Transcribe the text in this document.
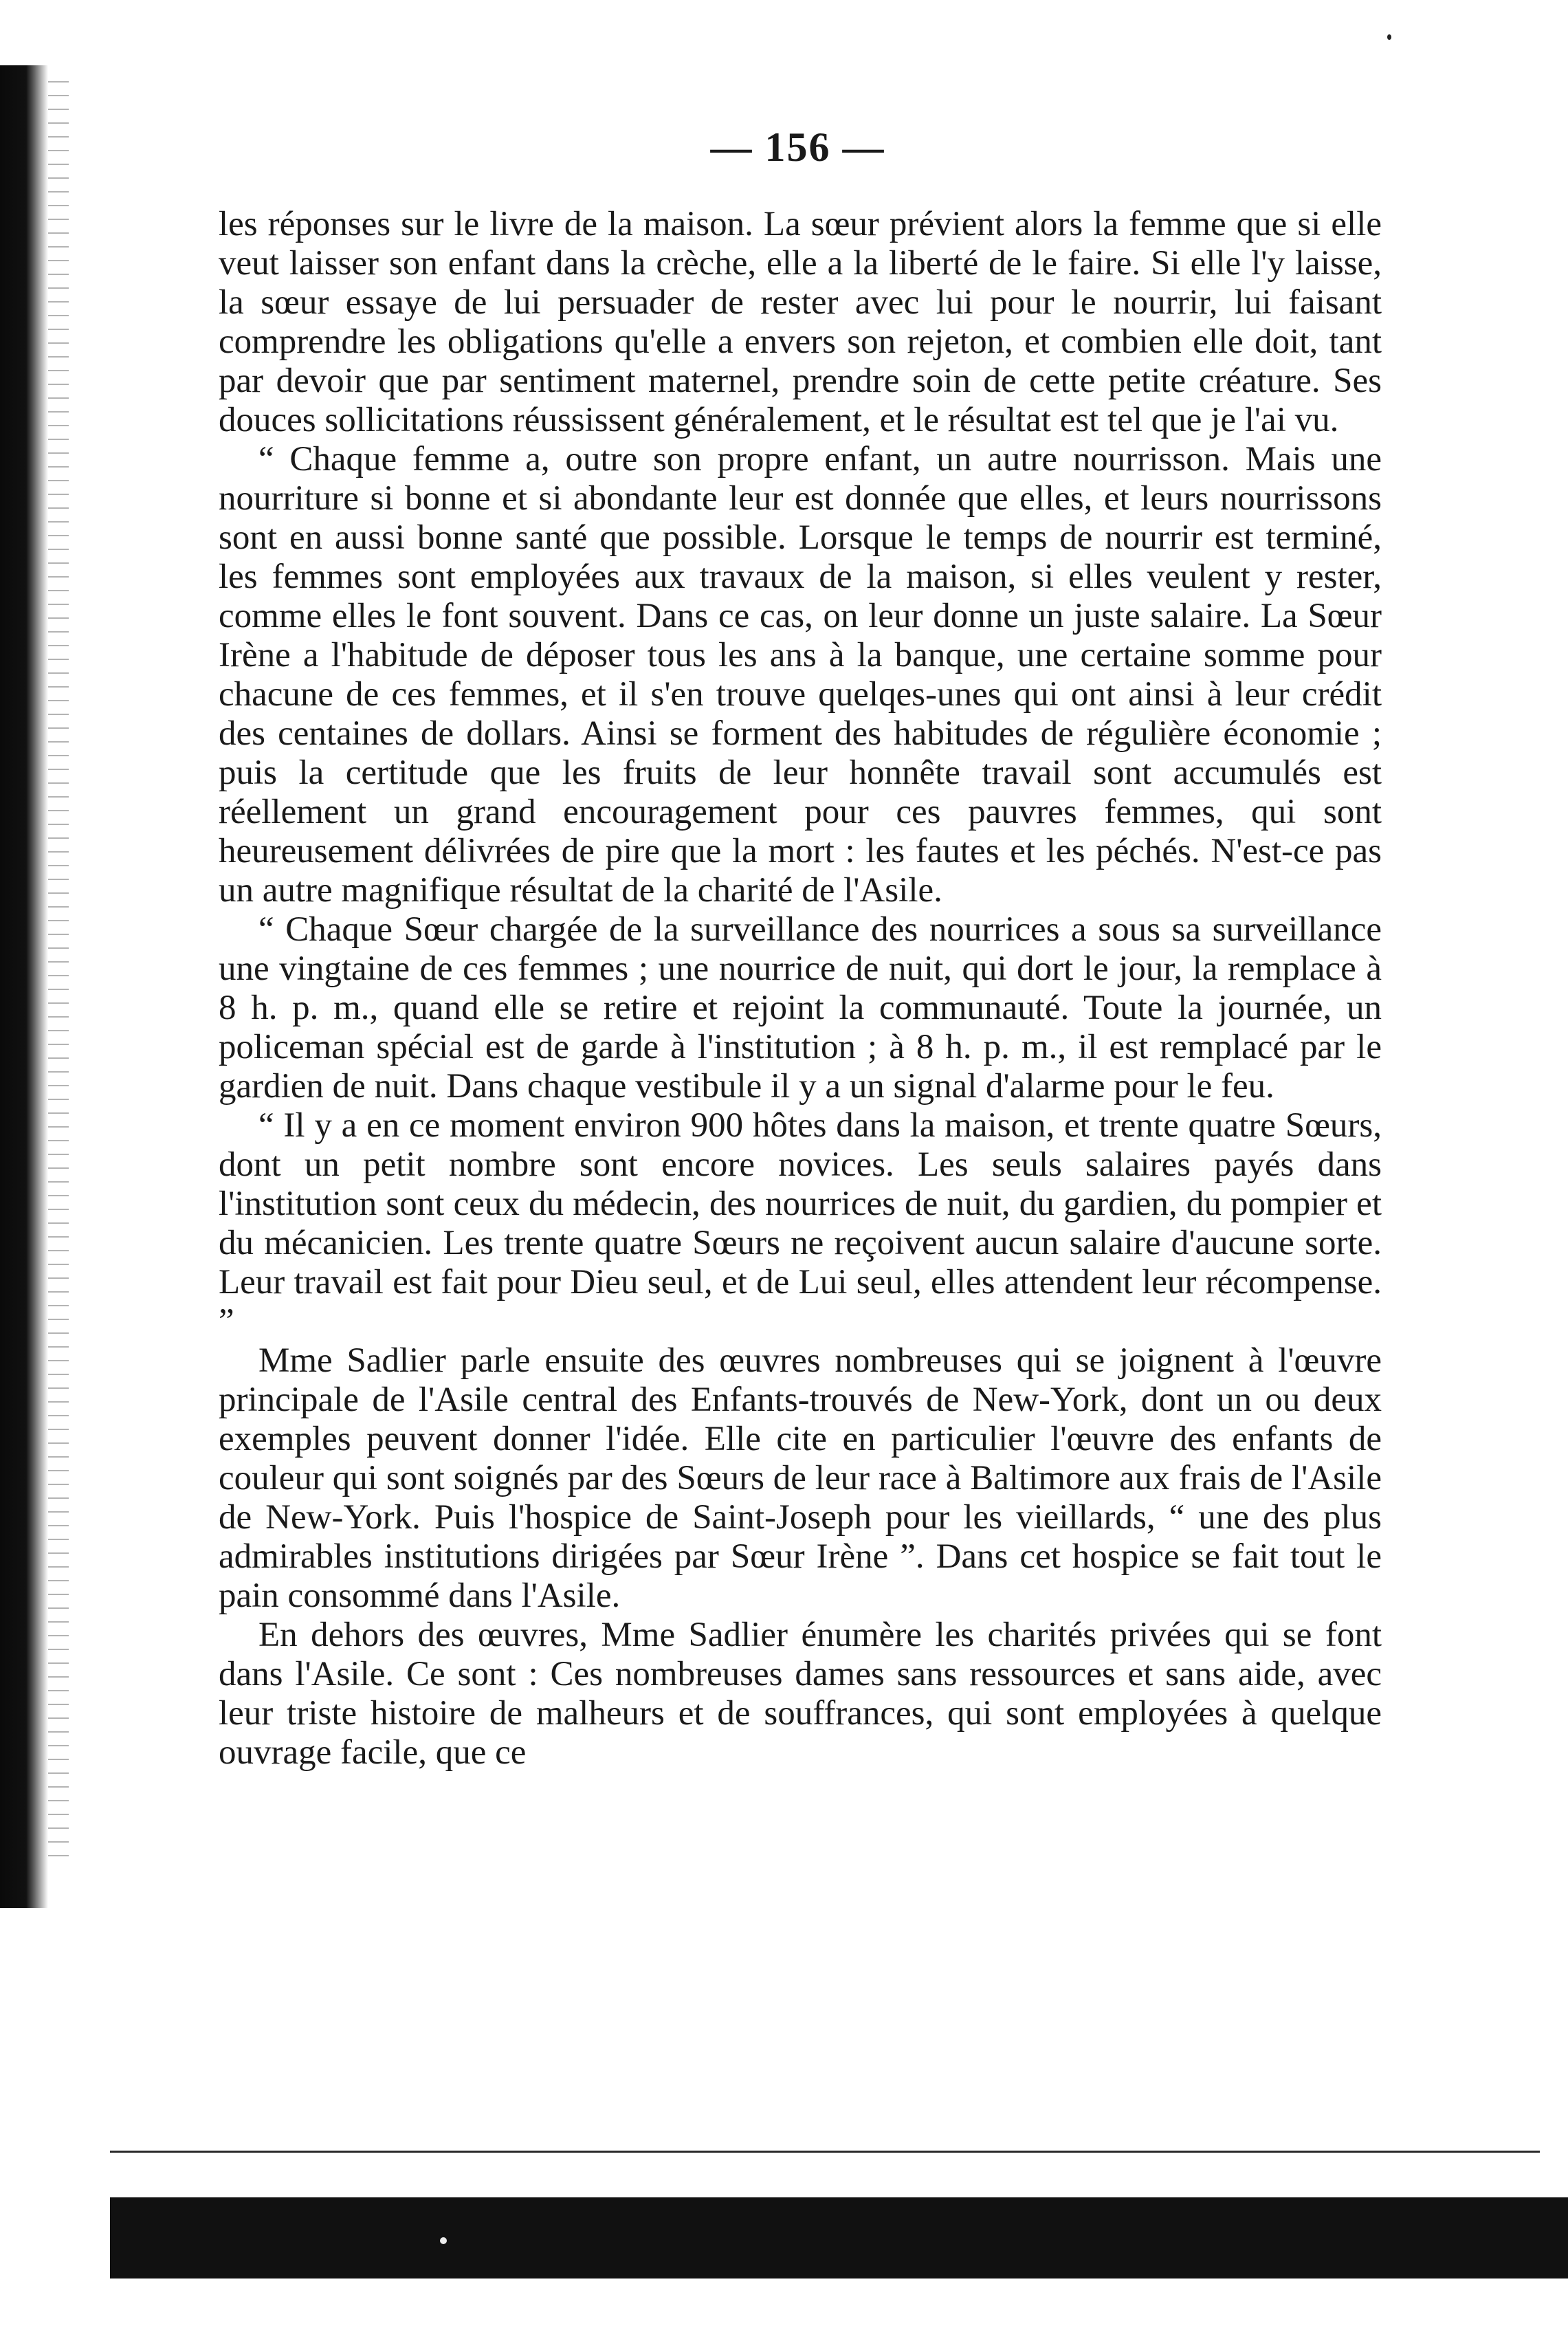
— 156 —

les réponses sur le livre de la maison. La sœur prévient alors la femme que si elle veut laisser son enfant dans la crèche, elle a la liberté de le faire. Si elle l'y laisse, la sœur essaye de lui persuader de rester avec lui pour le nourrir, lui faisant comprendre les obligations qu'elle a envers son rejeton, et combien elle doit, tant par devoir que par sentiment maternel, prendre soin de cette petite créature. Ses douces sollicitations réussissent généralement, et le résultat est tel que je l'ai vu.

“ Chaque femme a, outre son propre enfant, un autre nourrisson. Mais une nourriture si bonne et si abondante leur est donnée que elles, et leurs nourrissons sont en aussi bonne santé que possible. Lorsque le temps de nourrir est terminé, les femmes sont employées aux travaux de la maison, si elles veulent y rester, comme elles le font souvent. Dans ce cas, on leur donne un juste salaire. La Sœur Irène a l'habitude de déposer tous les ans à la banque, une certaine somme pour chacune de ces femmes, et il s'en trouve quelqes-unes qui ont ainsi à leur crédit des centaines de dollars. Ainsi se forment des habitudes de régulière économie ; puis la certitude que les fruits de leur honnête travail sont accumulés est réellement un grand encouragement pour ces pauvres femmes, qui sont heureusement délivrées de pire que la mort : les fautes et les péchés. N'est-ce pas un autre magnifique résultat de la charité de l'Asile.

“ Chaque Sœur chargée de la surveillance des nourrices a sous sa surveillance une vingtaine de ces femmes ; une nourrice de nuit, qui dort le jour, la remplace à 8 h. p. m., quand elle se retire et rejoint la communauté. Toute la journée, un policeman spécial est de garde à l'institution ; à 8 h. p. m., il est remplacé par le gardien de nuit. Dans chaque vestibule il y a un signal d'alarme pour le feu.

“ Il y a en ce moment environ 900 hôtes dans la maison, et trente quatre Sœurs, dont un petit nombre sont encore novices. Les seuls salaires payés dans l'institution sont ceux du médecin, des nourrices de nuit, du gardien, du pompier et du mécanicien. Les trente quatre Sœurs ne reçoivent aucun salaire d'aucune sorte. Leur travail est fait pour Dieu seul, et de Lui seul, elles attendent leur récompense. ”

Mme Sadlier parle ensuite des œuvres nombreuses qui se joignent à l'œuvre principale de l'Asile central des Enfants-trouvés de New-York, dont un ou deux exemples peuvent donner l'idée. Elle cite en particulier l'œuvre des enfants de couleur qui sont soignés par des Sœurs de leur race à Baltimore aux frais de l'Asile de New-York. Puis l'hospice de Saint-Joseph pour les vieillards, “ une des plus admirables institutions dirigées par Sœur Irène ”. Dans cet hospice se fait tout le pain consommé dans l'Asile.

En dehors des œuvres, Mme Sadlier énumère les charités privées qui se font dans l'Asile. Ce sont : Ces nombreuses dames sans ressources et sans aide, avec leur triste histoire de malheurs et de souffrances, qui sont employées à quelque ouvrage facile, que ce
